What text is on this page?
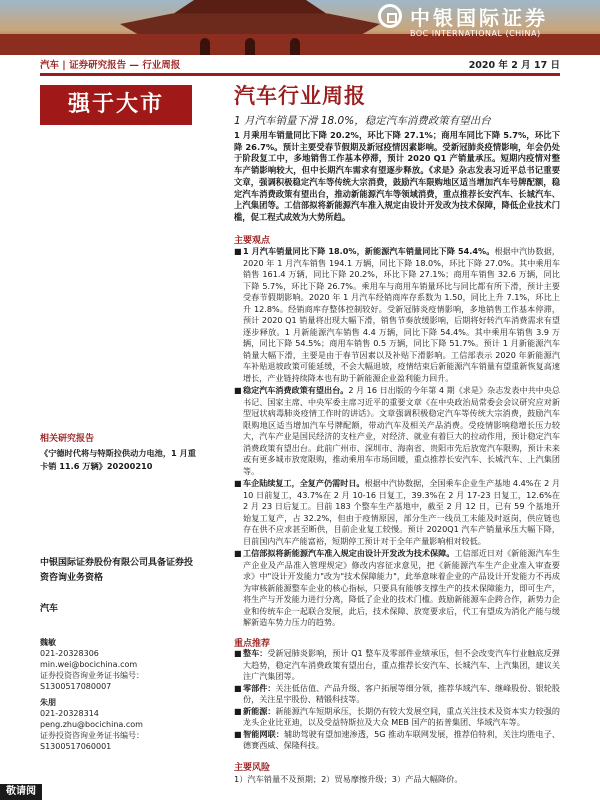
中银国际证券
BOC INTERNATIONAL (CHINA)
汽车 | 证券研究报告 — 行业周报	2020 年 2 月 17 日
强于大市	汽车行业周报
1 月汽车销量下滑 18.0%，稳定汽车消费政策有望出台
1 月乘用车销量同比下降 20.2%，环比下降 27.1%；商用车同比下降 5.7%，环比下降 26.7%。预计主要受春节假期及新冠疫情因素影响。受新冠肺炎疫情影响，年会仍处于阶段复工中，多地销售工作基本停滞，预计 2020 Q1 产销量承压。短期内疫情对整车产销影响较大，但中长期汽车需求有望逐步释放。《求是》杂志发表习近平总书记重要文章，强调积极稳定汽车等传统大宗消费，鼓励汽车限购地区适当增加汽车号牌配额，稳定汽车消费政策有望出台，推动新能源汽车等领域消费，重点推荐长安汽车、长城汽车、上汽集团等。工信部拟将新能源汽车准入规定由设计开发改为技术保障，降低企业技术门槛，促工程式成效为大势所趋。
主要观点

■1 月汽车销量同比下降 18.0%，新能源汽车销量同比下降 54.4%。根据中汽协数据，2020 年 1 月汽车销售 194.1 万辆，同比下降 18.0%，环比下降 27.0%。其中乘用车销售 161.4 万辆，同比下降 20.2%，环比下降 27.1%；商用车销售 32.6 万辆，同比下降 5.7%，环比下降 26.7%。乘用车与商用车销量环比与同比都有所下滑，预计主要受春节假期影响。2020 年 1 月汽车经销商库存系数为 1.50，同比上升 7.1%，环比上升 12.8%。经销商库存整体控制较好。受新冠肺炎疫情影响，多地销售工作基本停滞，预计 2020 Q1 销量将出现大幅下滑，销售节奏放缓影响，后期将好转汽车消费需求有望逐步释放。1 月新能源汽车销售 4.4 万辆，同比下降 54.4%。其中乘用车销售 3.9 万辆，同比下降 54.5%；商用车销售 0.5 万辆，同比下降 51.7%。预计 1 月新能源汽车销量大幅下滑，主要是由于春节因素以及补贴下滑影响。工信部表示 2020 年新能源汽车补贴退坡政策可能延缓，不会大幅退坡，疫情结束后新能源汽车销量有望重新恢复高速增长，产业链持续降本也有助于新能源企业盈利能力回升。

■稳定汽车消费政策有望出台。2 月 16 日出版的今年第 4 期《求是》杂志发表中共中央总书记、国家主席、中央军委主席习近平的重要文章《在中央政治局常委会会议研究应对新型冠状病毒肺炎疫情工作时的讲话》。文章强调积极稳定汽车等传统大宗消费，鼓励汽车限购地区适当增加汽车号牌配额，带动汽车及相关产品消费。受疫情影响稳增长压力较大，汽车产业是国民经济的支柱产业，对经济、就业有着巨大的拉动作用，预计稳定汽车消费政策有望出台。此前广州市、深圳市、海南省、贵阳市先后放宽汽车限购，预计未来或有更多城市放宽限购，推动乘用车市场回暖，重点推荐长安汽车、长城汽车、上汽集团等。

■车企陆续复工，全复产仍需时日。根据中汽协数据，全国乘车企业生产基地 4.4%在 2 月 10 日前复工，43.7%在 2 月 10-16 日复工，39.3%在 2 月 17-23 日复工，12.6%在 2 月 23 日后复工。目前 183 个整车生产基地中，截至 2 月 12 日，已有 59 个基地开始复工复产，占 32.2%，但由于疫情原因，部分生产一线员工未能及时返岗，供应链也存在供不应求甚至断供，目前企业复工较慢。预计 2020Q1 汽车产销量承压大幅下降，目前国内汽车产能富裕，短期停工预计对于全年产量影响相对较低。

■工信部拟将新能源汽车准入规定由设计开发改为技术保障。工信部近日对《新能源汽车生产企业及产品准入管理规定》修改内容征求意见，把《新能源汽车生产企业准入审查要求》中"设计开发能力"改为"技术保障能力"，此举意味着企业的产品设计开发能力不再成为审核新能源整车企业的核心指标，只要具有能够支撑生产的技术保障能力，即可生产，将生产与开发能力进行分离，降低了企业的技术门槛。鼓励新能源车企跨合作，新势力企业和传统车企一起联合发展，此后，技术保障、放宽要求后，代工有望成为消化产能与缓解新造车势力压力的趋势。

重点推荐

■整车：受新冠肺炎影响，预计 Q1 整车及零部件业绩承压，但不会改变汽车行业触底反弹大趋势，稳定汽车消费政策有望出台，重点推荐长安汽车、长城汽车、上汽集团，建议关注广汽集团等。

■零部件：关注低估值、产品升级、客户拓展等细分领，推荐华域汽车、继峰股份、银轮股份，关注星宇股份、精锻科技等。

■新能源：新能源汽车短期承压，长期仍有较大发展空间，重点关注技术及资本实力较强的龙头企业比亚迪，以及受益特斯拉及大众 MEB 国产的拓普集团、华域汽车等。

■智能网联：辅助驾驶有望加速渗透，5G 推动车联网发展，推荐伯特利，关注均胜电子、德赛西威、保隆科技。

主要风险
1）汽车销量不及预期；2）贸易摩擦升级；3）产品大幅降价。
相关研究报告
《宁德时代将与特斯拉供动力电池，1 月重卡销 11.6 万辆》20200210
中银国际证券股份有限公司具备证券投资咨询业务资格
汽车
魏敏
021-20328306
min.wei@bocichina.com
证券投资咨询业务证书编号：S1300517080007
朱朋
021-20328314
peng.zhu@bocichina.com
证券投资咨询业务证书编号：S1300517060001
敬请阅
